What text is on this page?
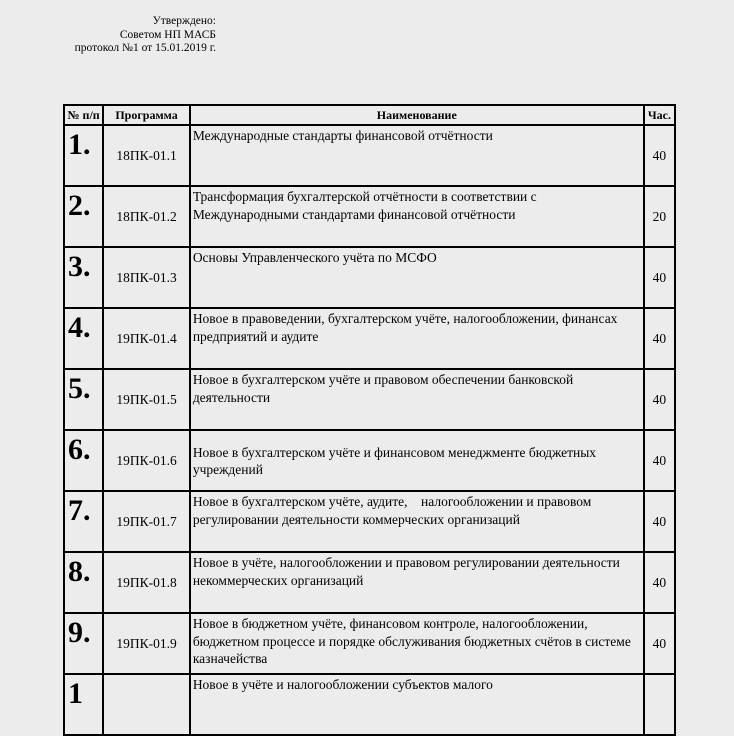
Утверждено:
Советом НП МАСБ
протокол №1 от 15.01.2019 г.
№ п/п	Программа	Наименование	Час.
1.	18ПК-01.1	Международные стандарты финансовой отчётности	40
2.	18ПК-01.2	Трансформация бухгалтерской отчётности в соответствии с Международными стандартами финансовой отчётности	20
3.	18ПК-01.3	Основы Управленческого учёта по МСФО	40
4.	19ПК-01.4	Новое в правоведении, бухгалтерском учёте, налогообложении, финансах предприятий и аудите	40
5.	19ПК-01.5	Новое в бухгалтерском учёте и правовом обеспечении банковской деятельности	40
6.	19ПК-01.6	Новое в бухгалтерском учёте и финансовом менеджменте бюджетных учреждений	40
7.	19ПК-01.7	Новое в бухгалтерском учёте, аудите,    налогообложении и правовом регулировании деятельности коммерческих организаций	40
8.	19ПК-01.8	Новое в учёте, налогообложении и правовом регулировании деятельности некоммерческих организаций	40
9.	19ПК-01.9	Новое в бюджетном учёте, финансовом контроле, налогообложении, бюджетном процессе и порядке обслуживания бюджетных счётов в системе казначейства	40
1		Новое в учёте и налогообложении субъектов малого	
